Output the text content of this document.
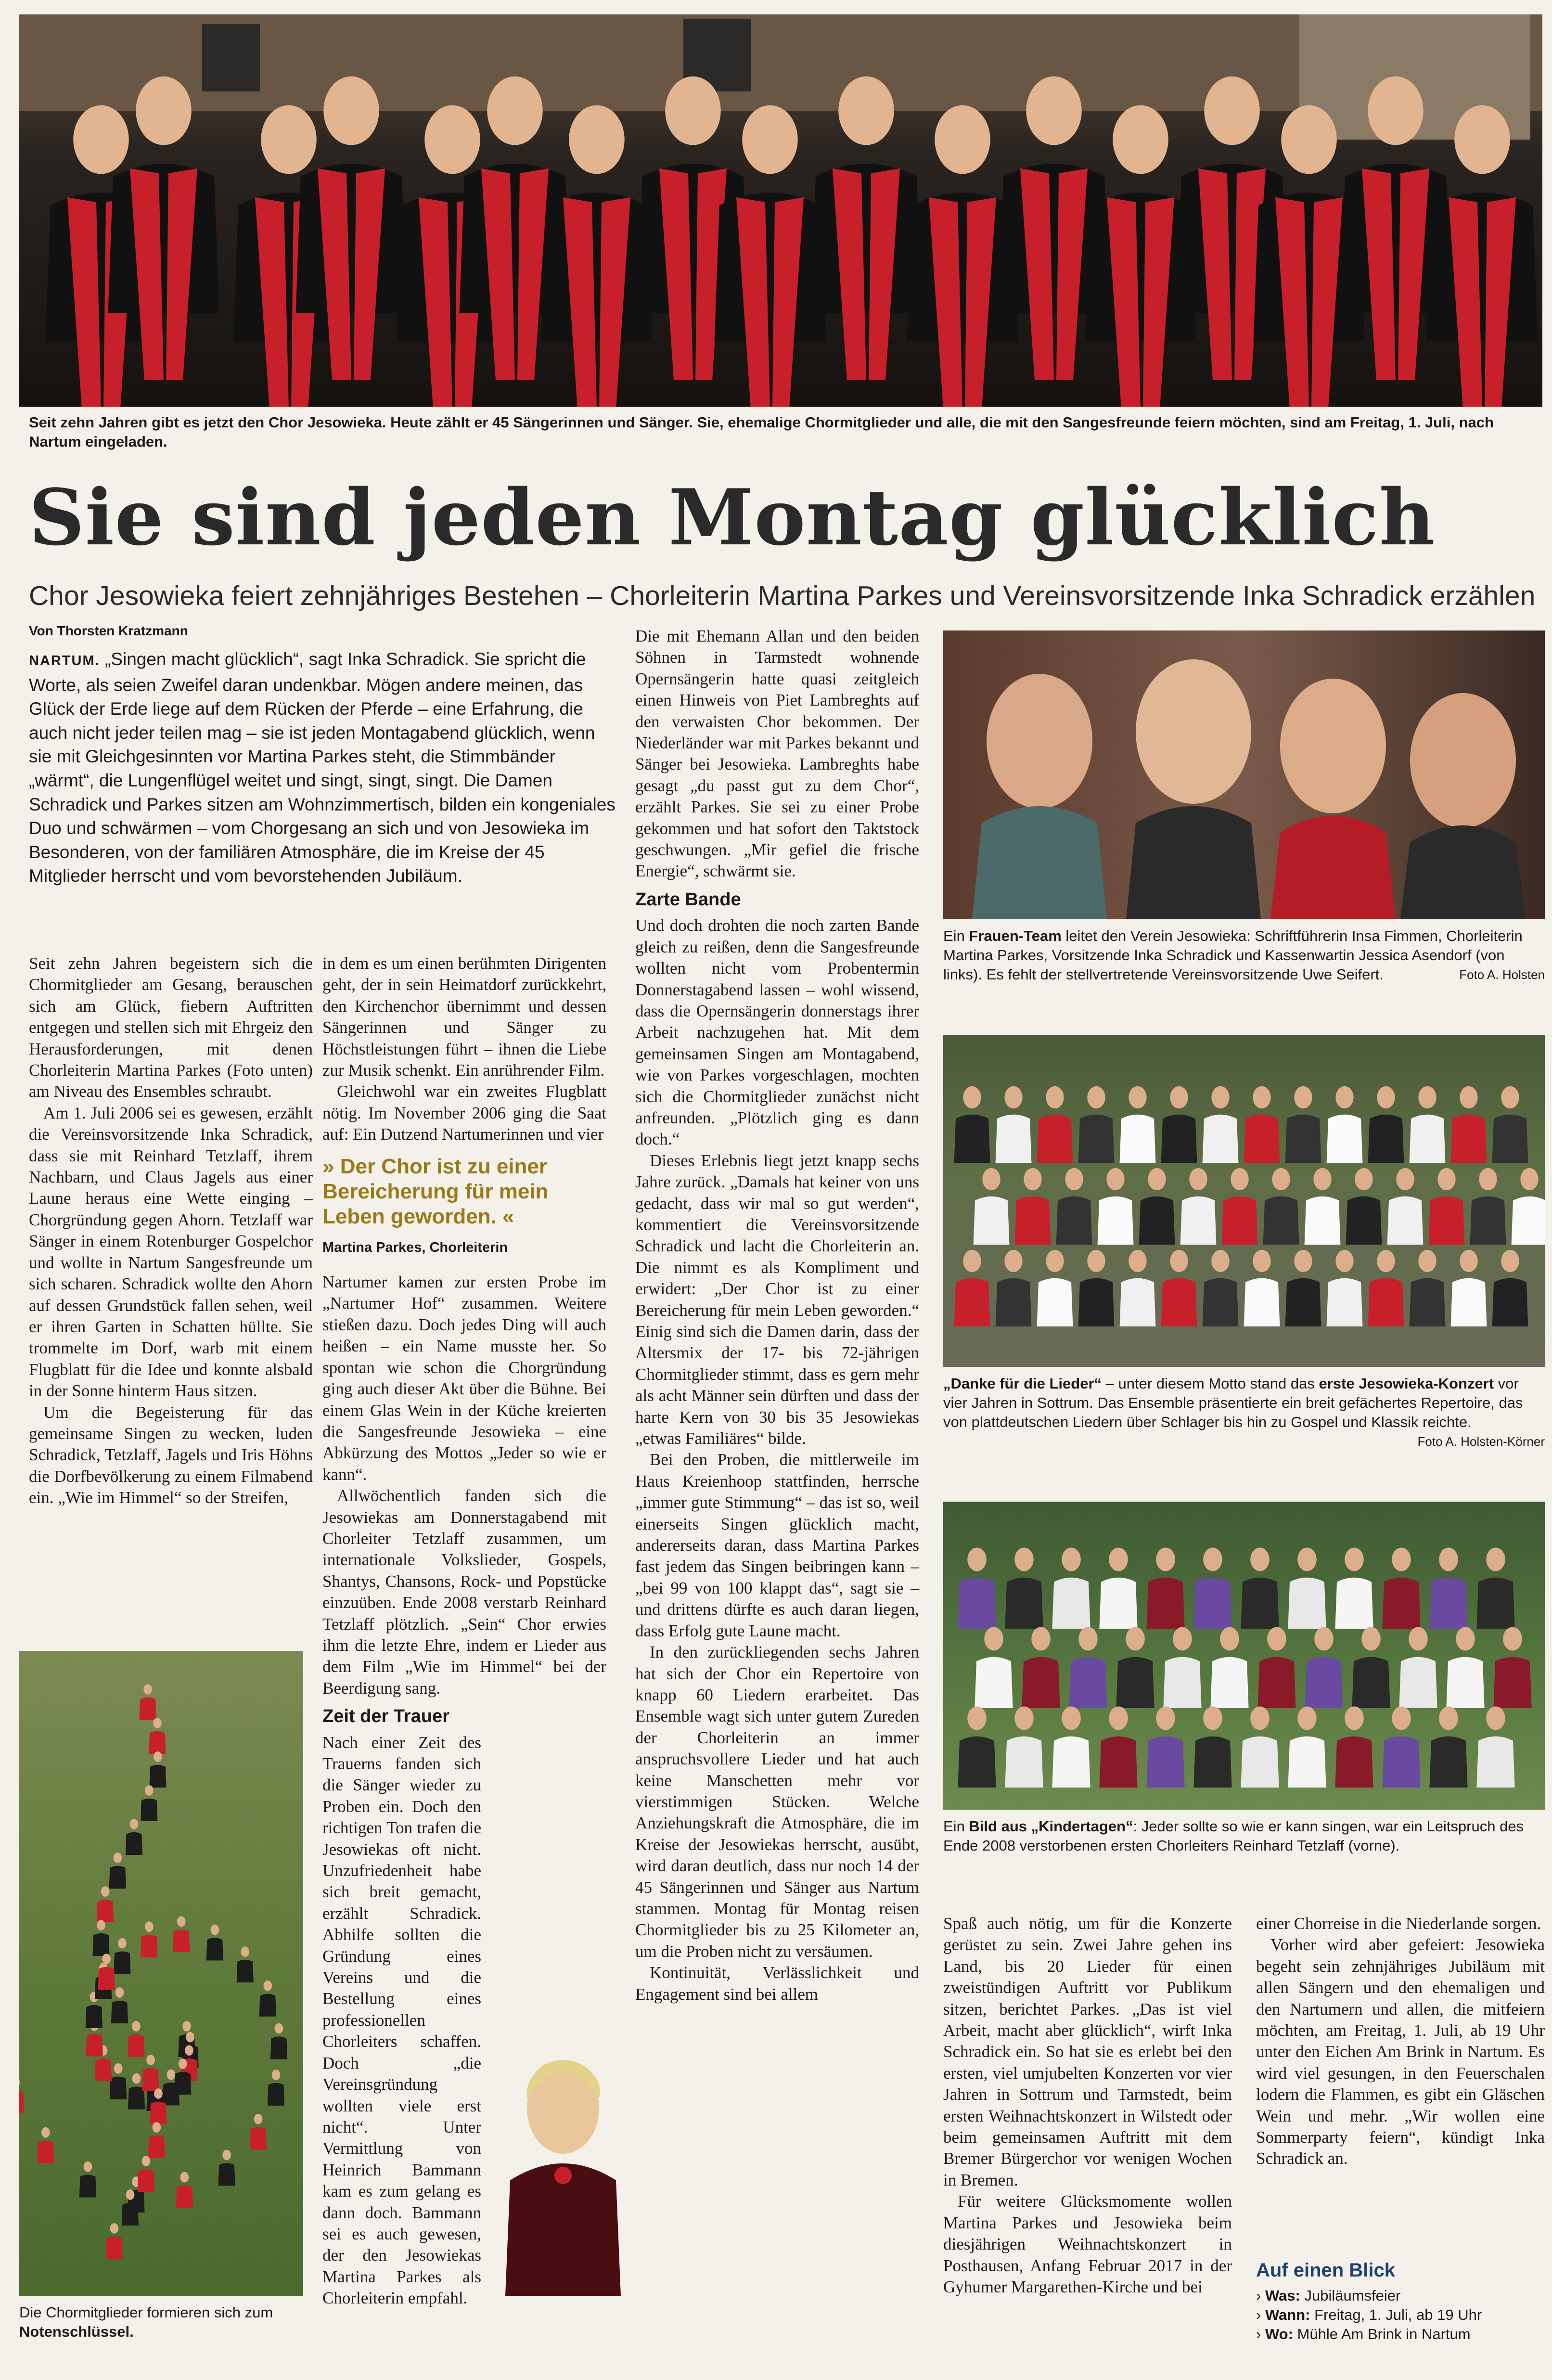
Seit zehn Jahren gibt es jetzt den Chor Jesowieka. Heute zählt er 45 Sängerinnen und Sänger. Sie, ehemalige Chormitglieder und alle, die mit den Sangesfreunde feiern möchten, sind am Freitag, 1. Juli, nach Nartum eingeladen.
Sie sind jeden Montag glücklich
Chor Jesowieka feiert zehnjähriges Bestehen – Chorleiterin Martina Parkes und Vereinsvorsitzende Inka Schradick erzählen
Von Thorsten Kratzmann
NARTUM. „Singen macht glücklich“, sagt Inka Schradick. Sie spricht die Worte, als seien Zweifel daran undenkbar. Mögen andere meinen, das Glück der Erde liege auf dem Rücken der Pferde – eine Erfahrung, die auch nicht jeder teilen mag – sie ist jeden Montagabend glücklich, wenn sie mit Gleichgesinnten vor Martina Parkes steht, die Stimmbänder „wärmt“, die Lungenflügel weitet und singt, singt, singt. Die Damen Schradick und Parkes sitzen am Wohnzimmertisch, bilden ein kongeniales Duo und schwärmen – vom Chorgesang an sich und von Jesowieka im Besonderen, von der familiären Atmosphäre, die im Kreise der 45 Mitglieder herrscht und vom bevorstehenden Jubiläum.

Seit zehn Jahren begeistern sich die Chormitglieder am Gesang, berauschen sich am Glück, fiebern Auftritten entgegen und stellen sich mit Ehrgeiz den Herausforderungen, mit denen Chorleiterin Martina Parkes (Foto unten) am Niveau des Ensembles schraubt.

Am 1. Juli 2006 sei es gewesen, erzählt die Vereinsvorsitzende Inka Schradick, dass sie mit Reinhard Tetzlaff, ihrem Nachbarn, und Claus Jagels aus einer Laune heraus eine Wette einging – Chorgründung gegen Ahorn. Tetzlaff war Sänger in einem Rotenburger Gospelchor und wollte in Nartum Sangesfreunde um sich scharen. Schradick wollte den Ahorn auf dessen Grundstück fallen sehen, weil er ihren Garten in Schatten hüllte. Sie trommelte im Dorf, warb mit einem Flugblatt für die Idee und konnte alsbald in der Sonne hinterm Haus sitzen.

Um die Begeisterung für das gemeinsame Singen zu wecken, luden Schradick, Tetzlaff, Jagels und Iris Höhns die Dorfbevölkerung zu einem Filmabend ein. „Wie im Himmel“ so der Streifen,

Die Chormitglieder formieren sich zum Notenschlüssel.

in dem es um einen berühmten Dirigenten geht, der in sein Heimatdorf zurückkehrt, den Kirchenchor übernimmt und dessen Sängerinnen und Sänger zu Höchstleistungen führt – ihnen die Liebe zur Musik schenkt. Ein anrührender Film.

Gleichwohl war ein zweites Flugblatt nötig. Im November 2006 ging die Saat auf: Ein Dutzend Nartumerinnen und vier

» Der Chor ist zu einer Bereicherung für mein Leben geworden. «
Martina Parkes, Chorleiterin

Nartumer kamen zur ersten Probe im „Nartumer Hof“ zusammen. Weitere stießen dazu. Doch jedes Ding will auch heißen – ein Name musste her. So spontan wie schon die Chorgründung ging auch dieser Akt über die Bühne. Bei einem Glas Wein in der Küche kreierten die Sangesfreunde Jesowieka – eine Abkürzung des Mottos „Jeder so wie er kann“.

Allwöchentlich fanden sich die Jesowiekas am Donnerstagabend mit Chorleiter Tetzlaff zusammen, um internationale Volkslieder, Gospels, Shantys, Chansons, Rock- und Popstücke einzuüben. Ende 2008 verstarb Reinhard Tetzlaff plötzlich. „Sein“ Chor erwies ihm die letzte Ehre, indem er Lieder aus dem Film „Wie im Himmel“ bei der Beerdigung sang.

Zeit der Trauer

Nach einer Zeit des Trauerns fanden sich die Sänger wieder zu Proben ein. Doch den richtigen Ton trafen die Jesowiekas oft nicht. Unzufriedenheit habe sich breit gemacht, erzählt Schradick. Abhilfe sollten die Gründung eines Vereins und die Bestellung eines professionellen Chorleiters schaffen. Doch „die Vereinsgründung wollten viele erst nicht“. Unter Vermittlung von Heinrich Bammann kam es zum gelang es dann doch. Bammann sei es auch gewesen, der den Jesowiekas Martina Parkes als Chorleiterin empfahl.

Die mit Ehemann Allan und den beiden Söhnen in Tarmstedt wohnende Opernsängerin hatte quasi zeitgleich einen Hinweis von Piet Lambreghts auf den verwaisten Chor bekommen. Der Niederländer war mit Parkes bekannt und Sänger bei Jesowieka. Lambreghts habe gesagt „du passt gut zu dem Chor“, erzählt Parkes. Sie sei zu einer Probe gekommen und hat sofort den Taktstock geschwungen. „Mir gefiel die frische Energie“, schwärmt sie.

Zarte Bande

Und doch drohten die noch zarten Bande gleich zu reißen, denn die Sangesfreunde wollten nicht vom Probentermin Donnerstagabend lassen – wohl wissend, dass die Opernsängerin donnerstags ihrer Arbeit nachzugehen hat. Mit dem gemeinsamen Singen am Montagabend, wie von Parkes vorgeschlagen, mochten sich die Chormitglieder zunächst nicht anfreunden. „Plötzlich ging es dann doch.“

Dieses Erlebnis liegt jetzt knapp sechs Jahre zurück. „Damals hat keiner von uns gedacht, dass wir mal so gut werden“, kommentiert die Vereinsvorsitzende Schradick und lacht die Chorleiterin an. Die nimmt es als Kompliment und erwidert: „Der Chor ist zu einer Bereicherung für mein Leben geworden.“ Einig sind sich die Damen darin, dass der Altersmix der 17- bis 72-jährigen Chormitglieder stimmt, dass es gern mehr als acht Männer sein dürften und dass der harte Kern von 30 bis 35 Jesowiekas „etwas Familiäres“ bilde.

Bei den Proben, die mittlerweile im Haus Kreienhoop stattfinden, herrsche „immer gute Stimmung“ – das ist so, weil einerseits Singen glücklich macht, andererseits daran, dass Martina Parkes fast jedem das Singen beibringen kann – „bei 99 von 100 klappt das“, sagt sie – und drittens dürfte es auch daran liegen, dass Erfolg gute Laune macht.

In den zurückliegenden sechs Jahren hat sich der Chor ein Repertoire von knapp 60 Liedern erarbeitet. Das Ensemble wagt sich unter gutem Zureden der Chorleiterin an immer anspruchsvollere Lieder und hat auch keine Manschetten mehr vor vierstimmigen Stücken. Welche Anziehungskraft die Atmosphäre, die im Kreise der Jesowiekas herrscht, ausübt, wird daran deutlich, dass nur noch 14 der 45 Sängerinnen und Sänger aus Nartum stammen. Montag für Montag reisen Chormitglieder bis zu 25 Kilometer an, um die Proben nicht zu versäumen.

Kontinuität, Verlässlichkeit und Engagement sind bei allem

Ein Frauen-Team leitet den Verein Jesowieka: Schriftführerin Insa Fimmen, Chorleiterin Martina Parkes, Vorsitzende Inka Schradick und Kassenwartin Jessica Asendorf (von links). Es fehlt der stellvertretende Vereinsvorsitzende Uwe Seifert.	Foto A. Holsten
„Danke für die Lieder“ – unter diesem Motto stand das erste Jesowieka-Konzert vor vier Jahren in Sottrum. Das Ensemble präsentierte ein breit gefächertes Repertoire, das von plattdeutschen Liedern über Schlager bis hin zu Gospel und Klassik reichte.
Foto A. Holsten-Körner
Ein Bild aus „Kindertagen“: Jeder sollte so wie er kann singen, war ein Leitspruch des Ende 2008 verstorbenen ersten Chorleiters Reinhard Tetzlaff (vorne).

Spaß auch nötig, um für die Konzerte gerüstet zu sein. Zwei Jahre gehen ins Land, bis 20 Lieder für einen zweistündigen Auftritt vor Publikum sitzen, berichtet Parkes. „Das ist viel Arbeit, macht aber glücklich“, wirft Inka Schradick ein. So hat sie es erlebt bei den ersten, viel umjubelten Konzerten vor vier Jahren in Sottrum und Tarmstedt, beim ersten Weihnachtskonzert in Wilstedt oder beim gemeinsamen Auftritt mit dem Bremer Bürgerchor vor wenigen Wochen in Bremen.

Für weitere Glücksmomente wollen Martina Parkes und Jesowieka beim diesjährigen Weihnachtskonzert in Posthausen, Anfang Februar 2017 in der Gyhumer Margarethen-Kirche und bei

einer Chorreise in die Niederlande sorgen.

Vorher wird aber gefeiert: Jesowieka begeht sein zehnjähriges Jubiläum mit allen Sängern und den ehemaligen und den Nartumern und allen, die mitfeiern möchten, am Freitag, 1. Juli, ab 19 Uhr unter den Eichen Am Brink in Nartum. Es wird viel gesungen, in den Feuerschalen lodern die Flammen, es gibt ein Gläschen Wein und mehr. „Wir wollen eine Sommerparty feiern“, kündigt Inka Schradick an.

Auf einen Blick
› Was: Jubiläumsfeier
› Wann: Freitag, 1. Juli, ab 19 Uhr
› Wo: Mühle Am Brink in Nartum
